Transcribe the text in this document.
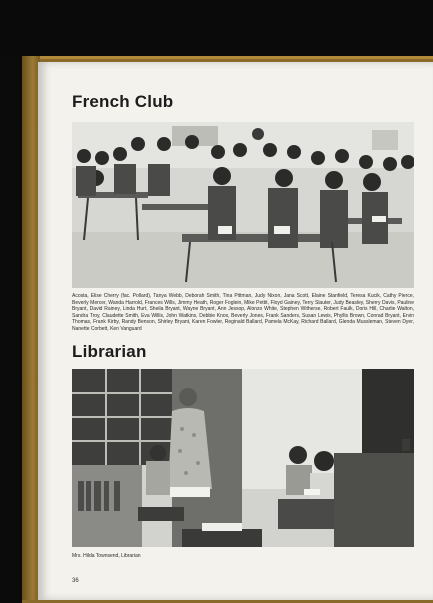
French Club

Acosta, Elise Cherry (fac. Pollard), Tanya Webb, Deborah Smith, Tina Pittman, Judy Nixon, Jana Scott, Elaine Stanfield, Teresa Kucik, Cathy Pierce, Beverly Mercer, Wanda Harrold, Frances Wills, Jimmy Heath, Roger Foglein, Mike Pettit, Floyd Gainey, Terry Slauter, Judy Beasley, Sherry Davis, Pauline Bryant, David Rainey, Linda Hurt, Sheila Bryant, Wayne Bryant, Ann Jessop, Alonzo White, Stephen Witherse, Robert Faulk, Doris Hill, Charlie Walton, Sandra Troy, Claudette Smith, Eva Willis, John Watkins, Debbie Knox, Beverly Jones, Frank Sanders, Susan Lewis, Phyllis Brown, Conrad Bryant, Ervin Thomas, Frank Kirby, Randy Benson, Shirley Bryant, Karen Fowler, Reginald Ballard, Pamela McKay, Richard Ballard, Glenda Mussleman, Steven Dyer, Nanette Corbett, Ken Vanguard

Librarian

Mrs. Hilda Townsend, Librarian

36
